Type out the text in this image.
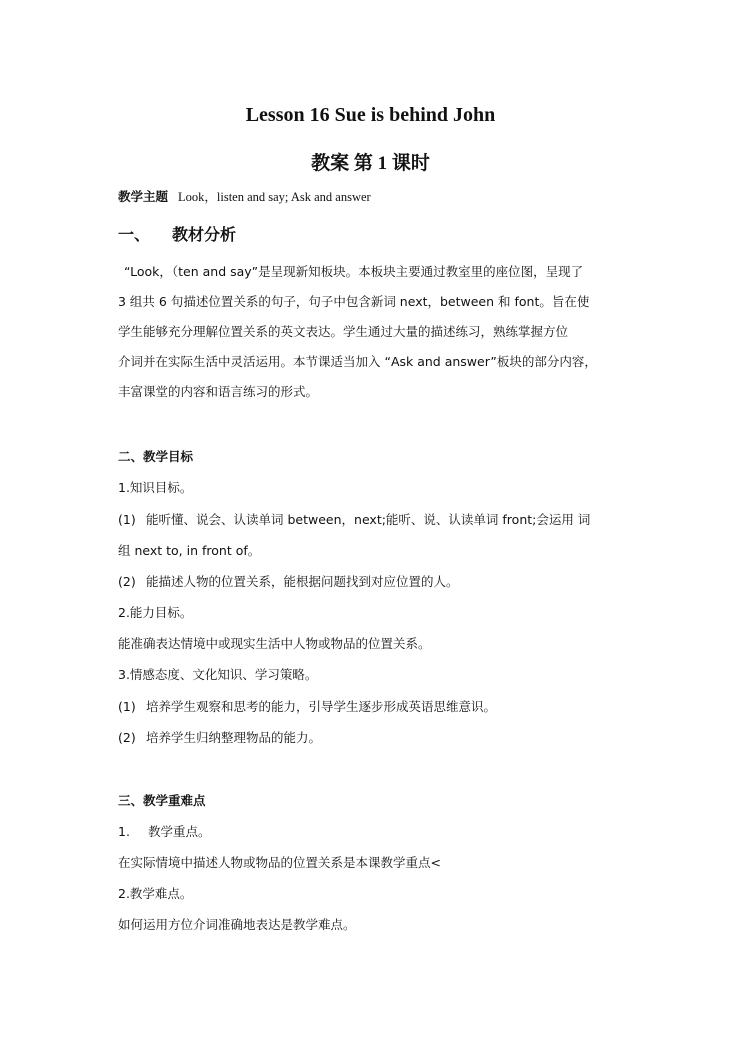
Lesson 16 Sue is behind John
教案 第 1 课时
教学主题 Look，listen and say; Ask and answer
一、 教材分析
“Look，（ten and say”是呈现新知板块。本板块主要通过教室里的座位图，呈现了
3 组共 6 句描述位置关系的句子，句子中包含新词 next，between 和 font。旨在使
学生能够充分理解位置关系的英文表达。学生通过大量的描述练习，熟练掌握方位
介词并在实际生活中灵活运用。本节课适当加入 “Ask and answer”板块的部分内容，
丰富课堂的内容和语言练习的形式。
二、教学目标
1.知识目标。
(1) 能听懂、说会、认读单词 between，next;能听、说、认读单词 front;会运用 词
组 next to, in front of。
(2) 能描述人物的位置关系，能根据问题找到对应位置的人。
2.能力目标。
能准确表达情境中或现实生活中人物或物品的位置关系。
3.情感态度、文化知识、学习策略。
(1) 培养学生观察和思考的能力，引导学生逐步形成英语思维意识。
(2) 培养学生归纳整理物品的能力。
三、教学重难点
1. 教学重点。
在实际情境中描述人物或物品的位置关系是本课教学重点<
2.教学难点。
如何运用方位介词准确地表达是教学难点。
